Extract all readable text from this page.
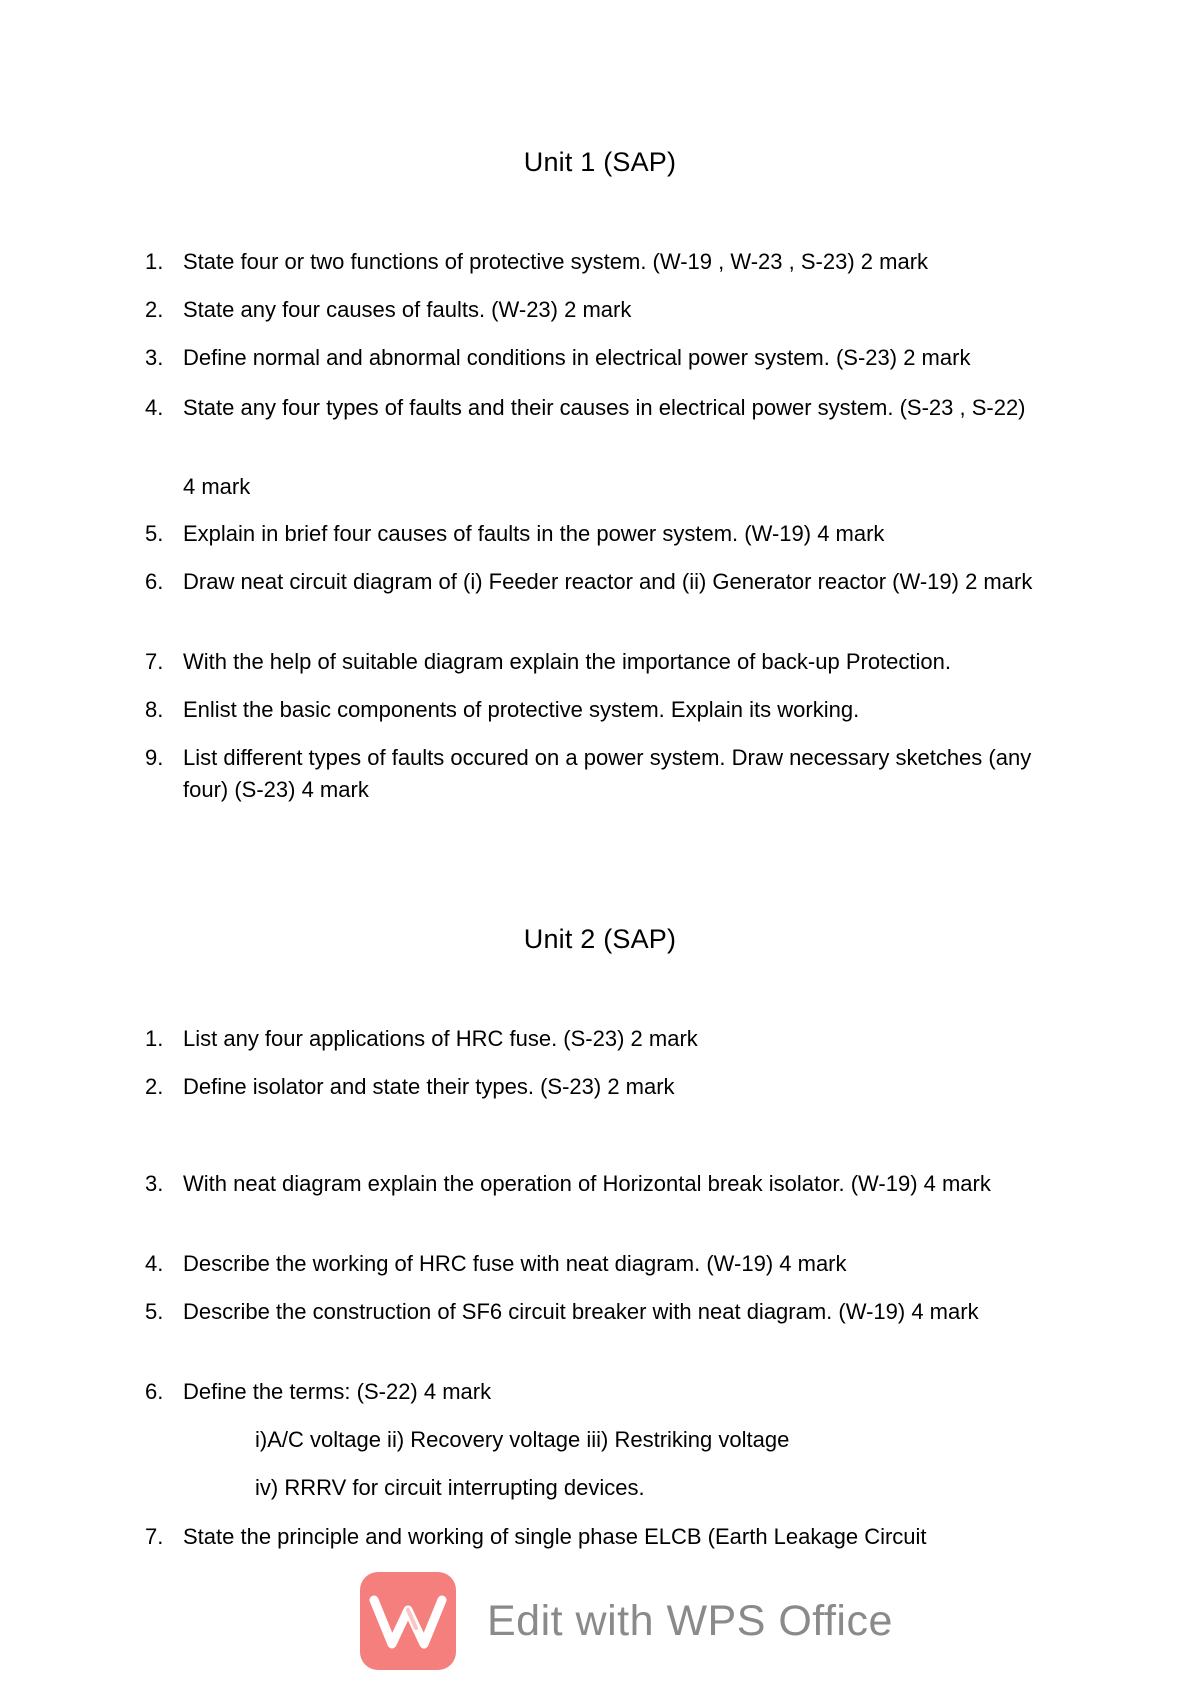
Unit 1 (SAP)
1. State four or two functions of protective system. (W-19 , W-23 , S-23) 2 mark
2. State any four causes of faults. (W-23) 2 mark
3. Define normal and abnormal conditions in electrical power system. (S-23) 2 mark
4. State any four types of faults and their causes in electrical power system. (S-23 , S-22)
4 mark
5. Explain in brief four causes of faults in the power system. (W-19) 4 mark
6. Draw neat circuit diagram of (i) Feeder reactor and (ii) Generator reactor (W-19) 2 mark
7. With the help of suitable diagram explain the importance of back-up Protection.
8. Enlist the basic components of protective system. Explain its working.
9. List different types of faults occured on a power system. Draw necessary sketches (any four) (S-23) 4 mark
Unit 2 (SAP)
1. List any four applications of HRC fuse. (S-23) 2 mark
2. Define isolator and state their types. (S-23) 2 mark
3. With neat diagram explain the operation of Horizontal break isolator. (W-19) 4 mark
4. Describe the working of HRC fuse with neat diagram. (W-19) 4 mark
5. Describe the construction of SF6 circuit breaker with neat diagram. (W-19) 4 mark
6. Define the terms: (S-22) 4 mark
i)A/C voltage ii) Recovery voltage iii) Restriking voltage
iv) RRRV for circuit interrupting devices.
7. State the principle and working of single phase ELCB (Earth Leakage Circuit
Edit with WPS Office
